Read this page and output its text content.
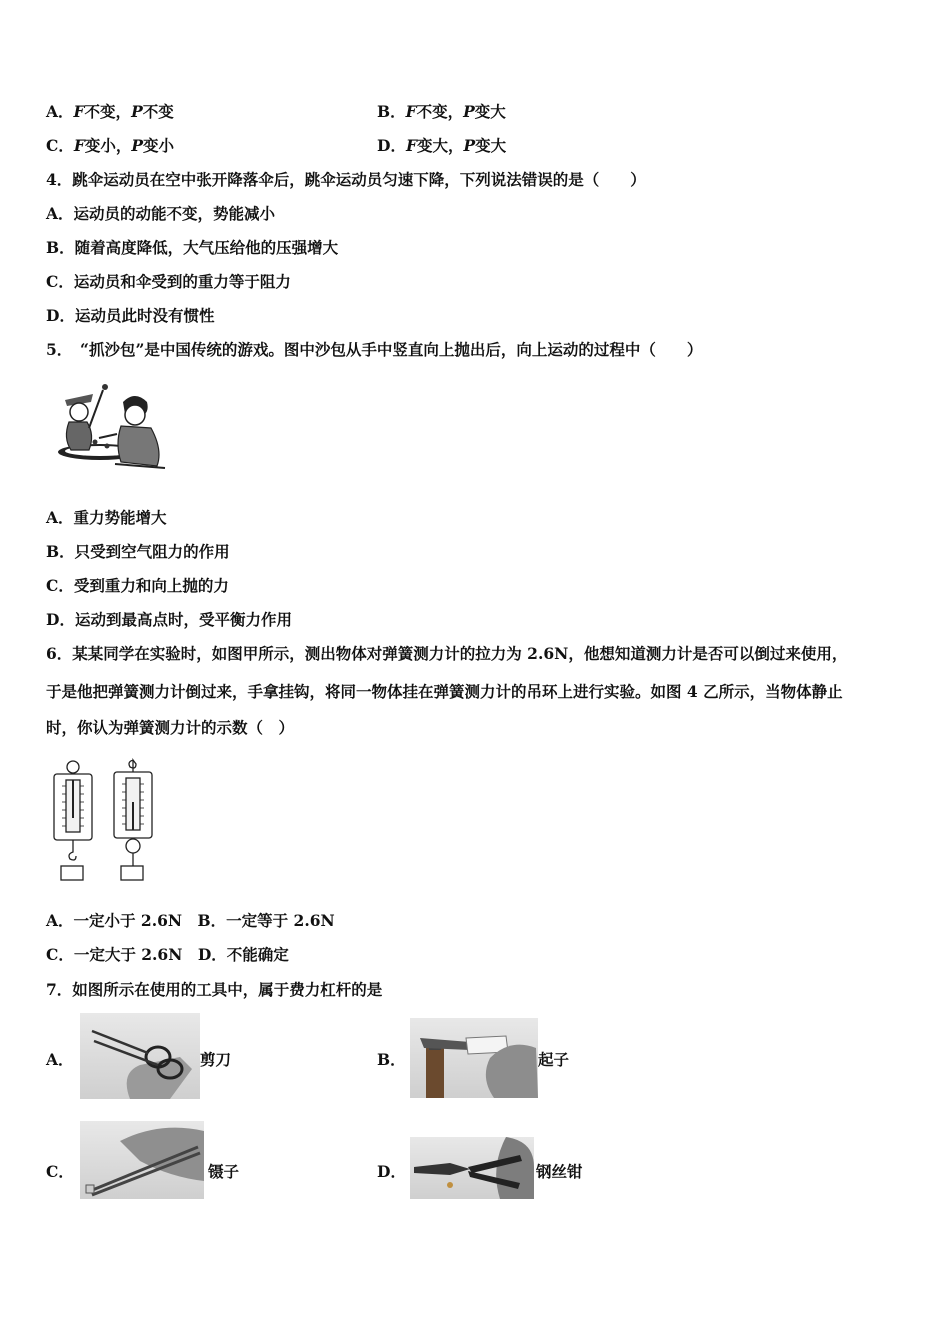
A．F不变，P不变	B．F不变，P变大
C．F变小，P变小	D．F变大，P变大
4．跳伞运动员在空中张开降落伞后，跳伞运动员匀速下降，下列说法错误的是（　　）
A．运动员的动能不变，势能减小
B．随着高度降低，大气压给他的压强增大
C．运动员和伞受到的重力等于阻力
D．运动员此时没有惯性
5．　“抓沙包”是中国传统的游戏。图中沙包从手中竖直向上抛出后，向上运动的过程中（　　）
A．重力势能增大
B．只受到空气阻力的作用
C．受到重力和向上抛的力
D．运动到最高点时，受平衡力作用
6．某某同学在实验时，如图甲所示，测出物体对弹簧测力计的拉力为 2.6N，他想知道测力计是否可以倒过来使用，
于是他把弹簧测力计倒过来，手拿挂钩，将同一物体挂在弹簧测力计的吊环上进行实验。如图 4 乙所示，当物体静止
时，你认为弹簧测力计的示数（　）
A．一定小于 2.6N　B．一定等于 2.6N
C．一定大于 2.6N　D．不能确定
7．如图所示在使用的工具中，属于费力杠杆的是
A．	剪刀	B．	起子
C．	镊子	D．	钢丝钳
